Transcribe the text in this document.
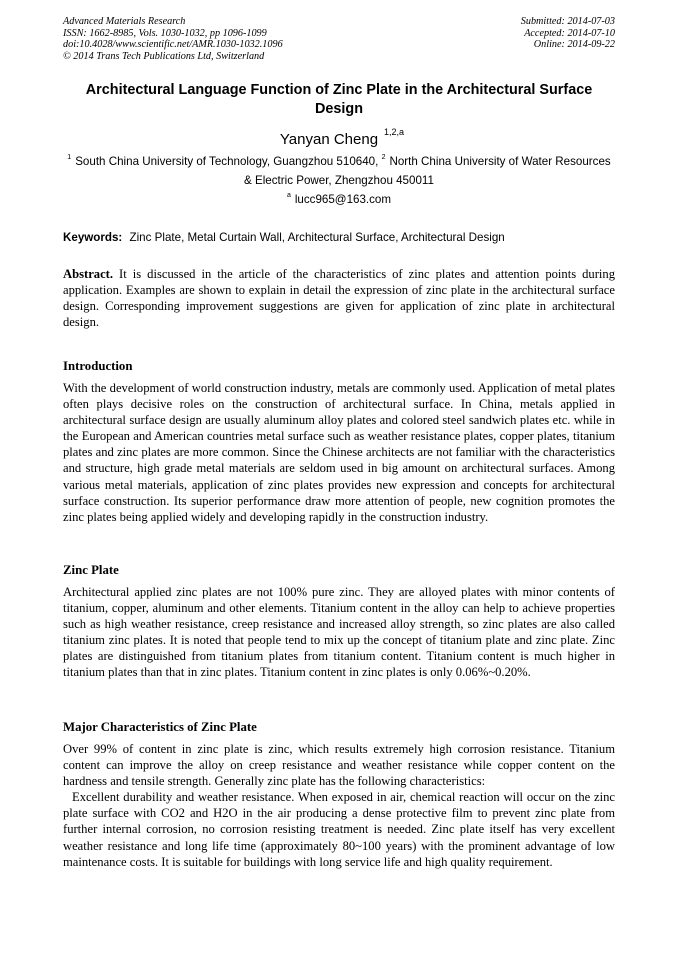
Advanced Materials Research
ISSN: 1662-8985, Vols. 1030-1032, pp 1096-1099
doi:10.4028/www.scientific.net/AMR.1030-1032.1096
© 2014 Trans Tech Publications Ltd, Switzerland
Submitted: 2014-07-03
Accepted: 2014-07-10
Online: 2014-09-22
Architectural Language Function of Zinc Plate in the Architectural Surface Design
Yanyan Cheng $^{1,2,a}$
$^1$ South China University of Technology, Guangzhou 510640, $^2$ North China University of Water Resources & Electric Power, Zhengzhou 450011
$^a$ lucc965@163.com
Keywords: Zinc Plate, Metal Curtain Wall, Architectural Surface, Architectural Design
Abstract. It is discussed in the article of the characteristics of zinc plates and attention points during application. Examples are shown to explain in detail the expression of zinc plate in the architectural surface design. Corresponding improvement suggestions are given for application of zinc plate in architectural design.
Introduction
With the development of world construction industry, metals are commonly used. Application of metal plates often plays decisive roles on the construction of architectural surface. In China, metals applied in architectural surface design are usually aluminum alloy plates and colored steel sandwich plates etc. while in the European and American countries metal surface such as weather resistance plates, copper plates, titanium plates and zinc plates are more common. Since the Chinese architects are not familiar with the characteristics and structure, high grade metal materials are seldom used in big amount on architectural surfaces. Among various metal materials, application of zinc plates provides new expression and concepts for architectural surface construction. Its superior performance draw more attention of people, new cognition promotes the zinc plates being applied widely and developing rapidly in the construction industry.
Zinc Plate
Architectural applied zinc plates are not 100% pure zinc. They are alloyed plates with minor contents of titanium, copper, aluminum and other elements. Titanium content in the alloy can help to achieve properties such as high weather resistance, creep resistance and increased alloy strength, so zinc plates are also called titanium zinc plates. It is noted that people tend to mix up the concept of titanium plate and zinc plate. Zinc plates are distinguished from titanium plates from titanium content. Titanium content is much higher in titanium plates than that in zinc plates. Titanium content in zinc plates is only 0.06%~0.20%.
Major Characteristics of Zinc Plate
Over 99% of content in zinc plate is zinc, which results extremely high corrosion resistance. Titanium content can improve the alloy on creep resistance and weather resistance while copper content on the hardness and tensile strength. Generally zinc plate has the following characteristics:
Excellent durability and weather resistance. When exposed in air, chemical reaction will occur on the zinc plate surface with CO2 and H2O in the air producing a dense protective film to prevent zinc plate from further internal corrosion, no corrosion resisting treatment is needed. Zinc plate itself has very excellent weather resistance and long life time (approximately 80~100 years) with the prominent advantage of low maintenance costs. It is suitable for buildings with long service life and high quality requirement.
